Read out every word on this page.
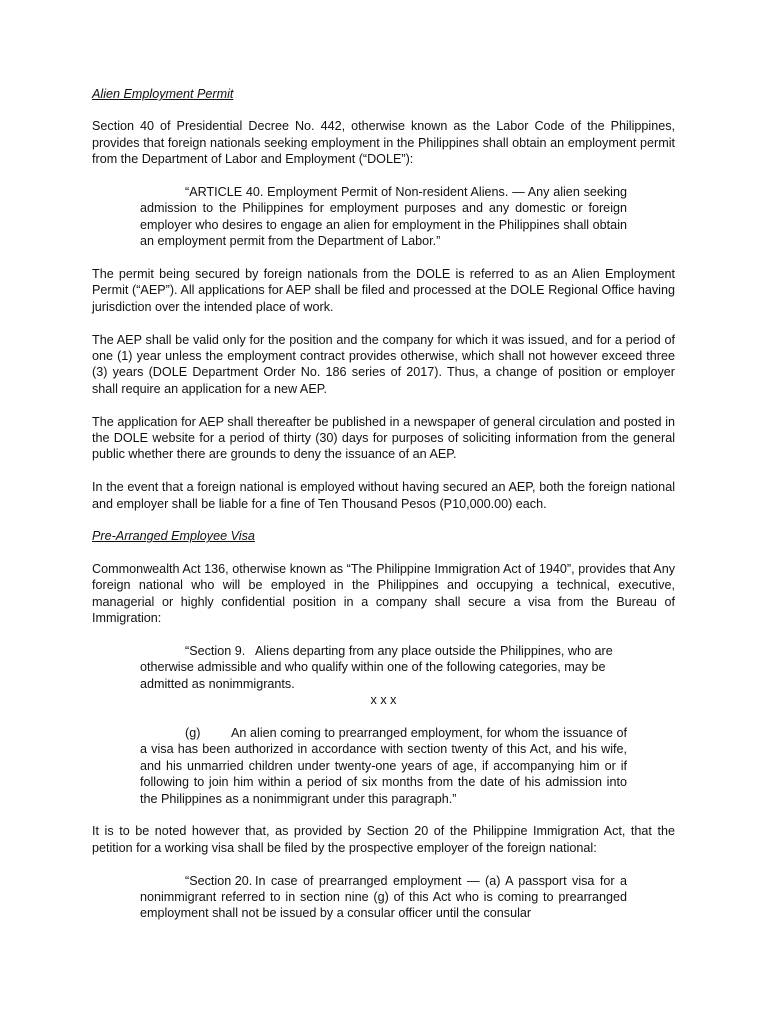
Alien Employment Permit

Section 40 of Presidential Decree No. 442, otherwise known as the Labor Code of the Philippines, provides that foreign nationals seeking employment in the Philippines shall obtain an employment permit from the Department of Labor and Employment (“DOLE”):

“ARTICLE 40. Employment Permit of Non-resident Aliens. — Any alien seeking admission to the Philippines for employment purposes and any domestic or foreign employer who desires to engage an alien for employment in the Philippines shall obtain an employment permit from the Department of Labor.”

The permit being secured by foreign nationals from the DOLE is referred to as an Alien Employment Permit (“AEP”). All applications for AEP shall be filed and processed at the DOLE Regional Office having jurisdiction over the intended place of work.

The AEP shall be valid only for the position and the company for which it was issued, and for a period of one (1) year unless the employment contract provides otherwise, which shall not however exceed three (3) years (DOLE Department Order No. 186 series of 2017). Thus, a change of position or employer shall require an application for a new AEP.

The application for AEP shall thereafter be published in a newspaper of general circulation and posted in the DOLE website for a period of thirty (30) days for purposes of soliciting information from the general public whether there are grounds to deny the issuance of an AEP.

In the event that a foreign national is employed without having secured an AEP, both the foreign national and employer shall be liable for a fine of Ten Thousand Pesos (P10,000.00) each.

Pre-Arranged Employee Visa

Commonwealth Act 136, otherwise known as “The Philippine Immigration Act of 1940”, provides that Any foreign national who will be employed in the Philippines and occupying a technical, executive, managerial or highly confidential position in a company shall secure a visa from the Bureau of Immigration:

“Section 9. Aliens departing from any place outside the Philippines, who are otherwise admissible and who qualify within one of the following categories, may be admitted as nonimmigrants.

x x x

(g) An alien coming to prearranged employment, for whom the issuance of a visa has been authorized in accordance with section twenty of this Act, and his wife, and his unmarried children under twenty-one years of age, if accompanying him or if following to join him within a period of six months from the date of his admission into the Philippines as a nonimmigrant under this paragraph.”

It is to be noted however that, as provided by Section 20 of the Philippine Immigration Act, that the petition for a working visa shall be filed by the prospective employer of the foreign national:

“Section 20. In case of prearranged employment — (a) A passport visa for a nonimmigrant referred to in section nine (g) of this Act who is coming to prearranged employment shall not be issued by a consular officer until the consular
